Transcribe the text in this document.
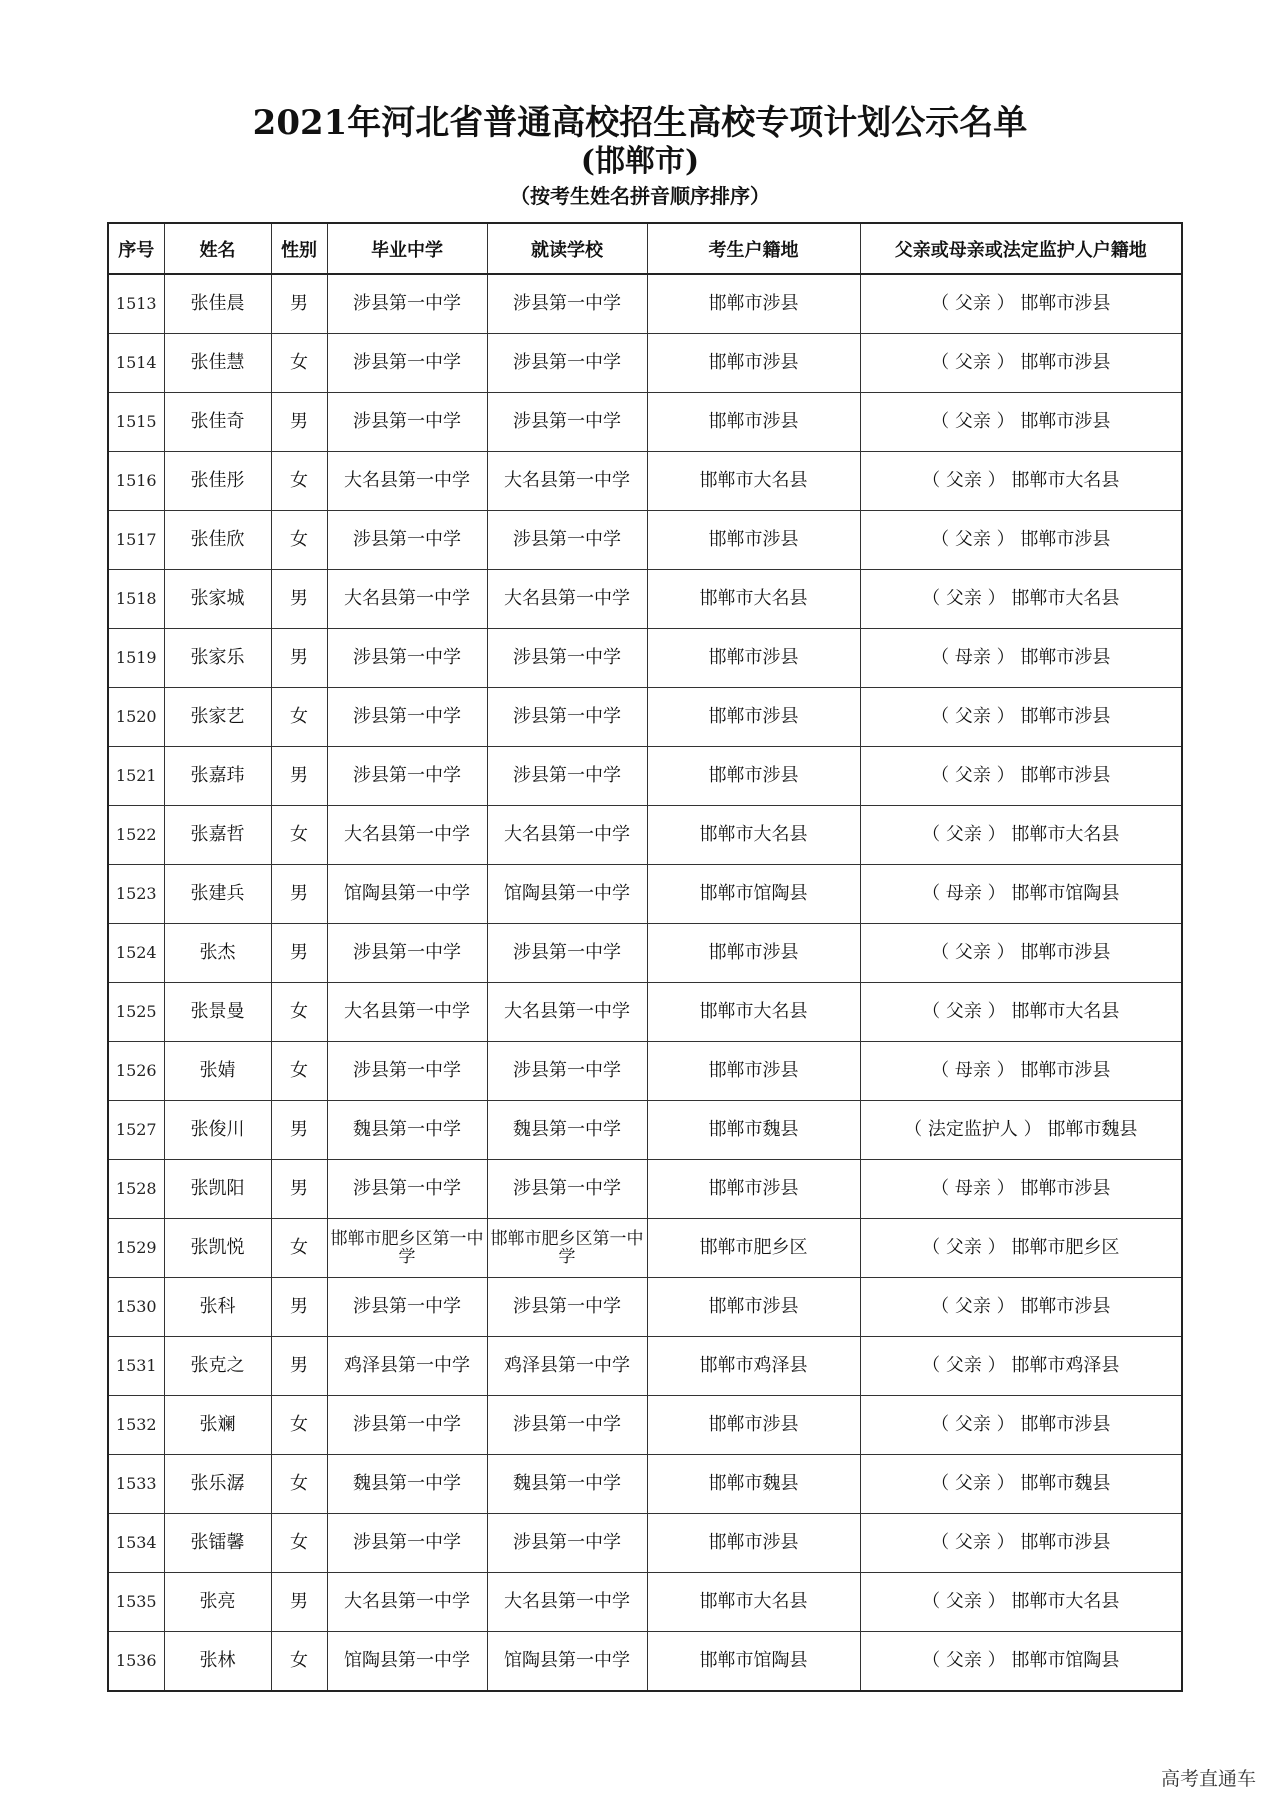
2021年河北省普通高校招生高校专项计划公示名单
(邯郸市)
（按考生姓名拼音顺序排序）
序号	姓名	性别	毕业中学	就读学校	考生户籍地	父亲或母亲或法定监护人户籍地
1513	张佳晨	男	涉县第一中学	涉县第一中学	邯郸市涉县	（ 父亲 ） 邯郸市涉县
1514	张佳慧	女	涉县第一中学	涉县第一中学	邯郸市涉县	（ 父亲 ） 邯郸市涉县
1515	张佳奇	男	涉县第一中学	涉县第一中学	邯郸市涉县	（ 父亲 ） 邯郸市涉县
1516	张佳彤	女	大名县第一中学	大名县第一中学	邯郸市大名县	（ 父亲 ） 邯郸市大名县
1517	张佳欣	女	涉县第一中学	涉县第一中学	邯郸市涉县	（ 父亲 ） 邯郸市涉县
1518	张家城	男	大名县第一中学	大名县第一中学	邯郸市大名县	（ 父亲 ） 邯郸市大名县
1519	张家乐	男	涉县第一中学	涉县第一中学	邯郸市涉县	（ 母亲 ） 邯郸市涉县
1520	张家艺	女	涉县第一中学	涉县第一中学	邯郸市涉县	（ 父亲 ） 邯郸市涉县
1521	张嘉玮	男	涉县第一中学	涉县第一中学	邯郸市涉县	（ 父亲 ） 邯郸市涉县
1522	张嘉哲	女	大名县第一中学	大名县第一中学	邯郸市大名县	（ 父亲 ） 邯郸市大名县
1523	张建兵	男	馆陶县第一中学	馆陶县第一中学	邯郸市馆陶县	（ 母亲 ） 邯郸市馆陶县
1524	张杰	男	涉县第一中学	涉县第一中学	邯郸市涉县	（ 父亲 ） 邯郸市涉县
1525	张景曼	女	大名县第一中学	大名县第一中学	邯郸市大名县	（ 父亲 ） 邯郸市大名县
1526	张婧	女	涉县第一中学	涉县第一中学	邯郸市涉县	（ 母亲 ） 邯郸市涉县
1527	张俊川	男	魏县第一中学	魏县第一中学	邯郸市魏县	（ 法定监护人 ） 邯郸市魏县
1528	张凯阳	男	涉县第一中学	涉县第一中学	邯郸市涉县	（ 母亲 ） 邯郸市涉县
1529	张凯悦	女	邯郸市肥乡区第一中学	邯郸市肥乡区第一中学	邯郸市肥乡区	（ 父亲 ） 邯郸市肥乡区
1530	张科	男	涉县第一中学	涉县第一中学	邯郸市涉县	（ 父亲 ） 邯郸市涉县
1531	张克之	男	鸡泽县第一中学	鸡泽县第一中学	邯郸市鸡泽县	（ 父亲 ） 邯郸市鸡泽县
1532	张斓	女	涉县第一中学	涉县第一中学	邯郸市涉县	（ 父亲 ） 邯郸市涉县
1533	张乐潺	女	魏县第一中学	魏县第一中学	邯郸市魏县	（ 父亲 ） 邯郸市魏县
1534	张镭馨	女	涉县第一中学	涉县第一中学	邯郸市涉县	（ 父亲 ） 邯郸市涉县
1535	张亮	男	大名县第一中学	大名县第一中学	邯郸市大名县	（ 父亲 ） 邯郸市大名县
1536	张林	女	馆陶县第一中学	馆陶县第一中学	邯郸市馆陶县	（ 父亲 ） 邯郸市馆陶县
高考直通车
